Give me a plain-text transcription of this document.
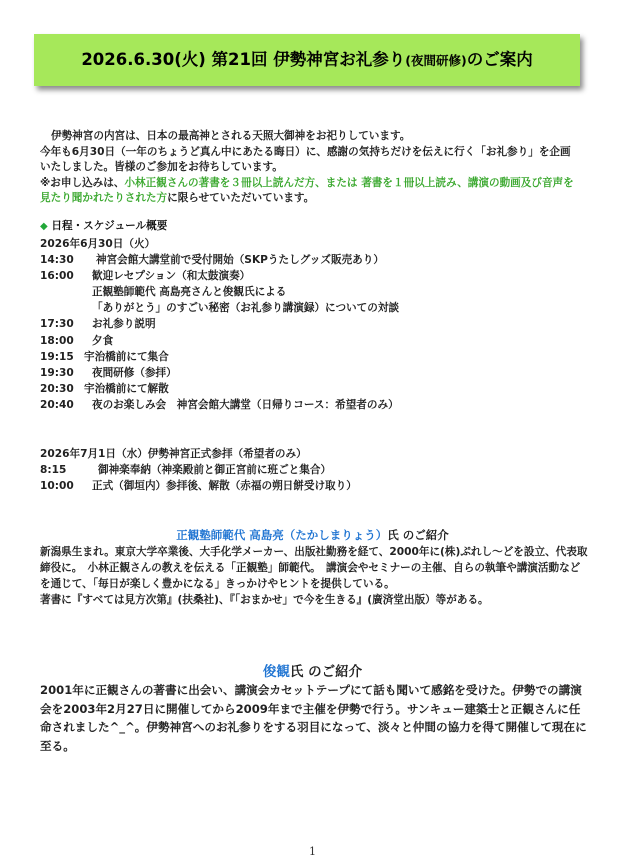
2026.6.30(火) 第21回 伊勢神宮お礼参り(夜間研修)のご案内

伊勢神宮の内宮は、日本の最高神とされる天照大御神をお祀りしています。

今年も6月30日（一年のちょうど真ん中にあたる晦日）に、感謝の気持ちだけを伝えに行く「お礼参り」を企画いたしました。皆様のご参加をお待ちしています。

※お申し込みは、小林正観さんの著書を３冊以上読んだ方、または 著書を１冊以上読み、講演の動画及び音声を見たり聞かれたりされた方に限らせていただいています。

◆ 日程・スケジュール概要
2026年6月30日（火）
14:30 神宮会館大講堂前で受付開始（SKPうたしグッズ販売あり）
16:00 歓迎レセプション（和太鼓演奏）
正観塾師範代 高島亮さんと俊観氏による
「ありがとう」のすごい秘密（お礼参り講演録）についての対談
17:30 お礼参り説明
18:00 夕食
19:15 宇治橋前にて集合
19:30 夜間研修（参拝）
20:30 宇治橋前にて解散
20:40 夜のお楽しみ会　神宮会館大講堂（日帰りコース：希望者のみ）
2026年7月1日（水）伊勢神宮正式参拝（希望者のみ）
8:15	御神楽奉納（神楽殿前と御正宮前に班ごと集合）
10:00 正式（御垣内）参拝後、解散（赤福の朔日餅受け取り）
正観塾師範代 高島亮（たかしまりょう）氏 のご紹介

新潟県生まれ。東京大学卒業後、大手化学メーカー、出版社勤務を経て、2000年に(株)ぷれし～どを設立、代表取締役に。　小林正観さんの教えを伝える「正観塾」師範代。　講演会やセミナーの主催、自らの執筆や講演活動などを通じて、「毎日が楽しく豊かになる」きっかけやヒントを提供している。

著書に『すべては見方次第』(扶桑社)、『「おまかせ」で今を生きる』(廣済堂出版）等がある。

俊観氏 のご紹介

2001年に正観さんの著書に出会い、講演会カセットテープにて話も聞いて感銘を受けた。伊勢での講演会を2003年2月27日に開催してから2009年まで主催を伊勢で行う。サンキュー建築士と正観さんに任命されました^_^。伊勢神宮へのお礼参りをする羽目になって、淡々と仲間の協力を得て開催して現在に至る。

1
